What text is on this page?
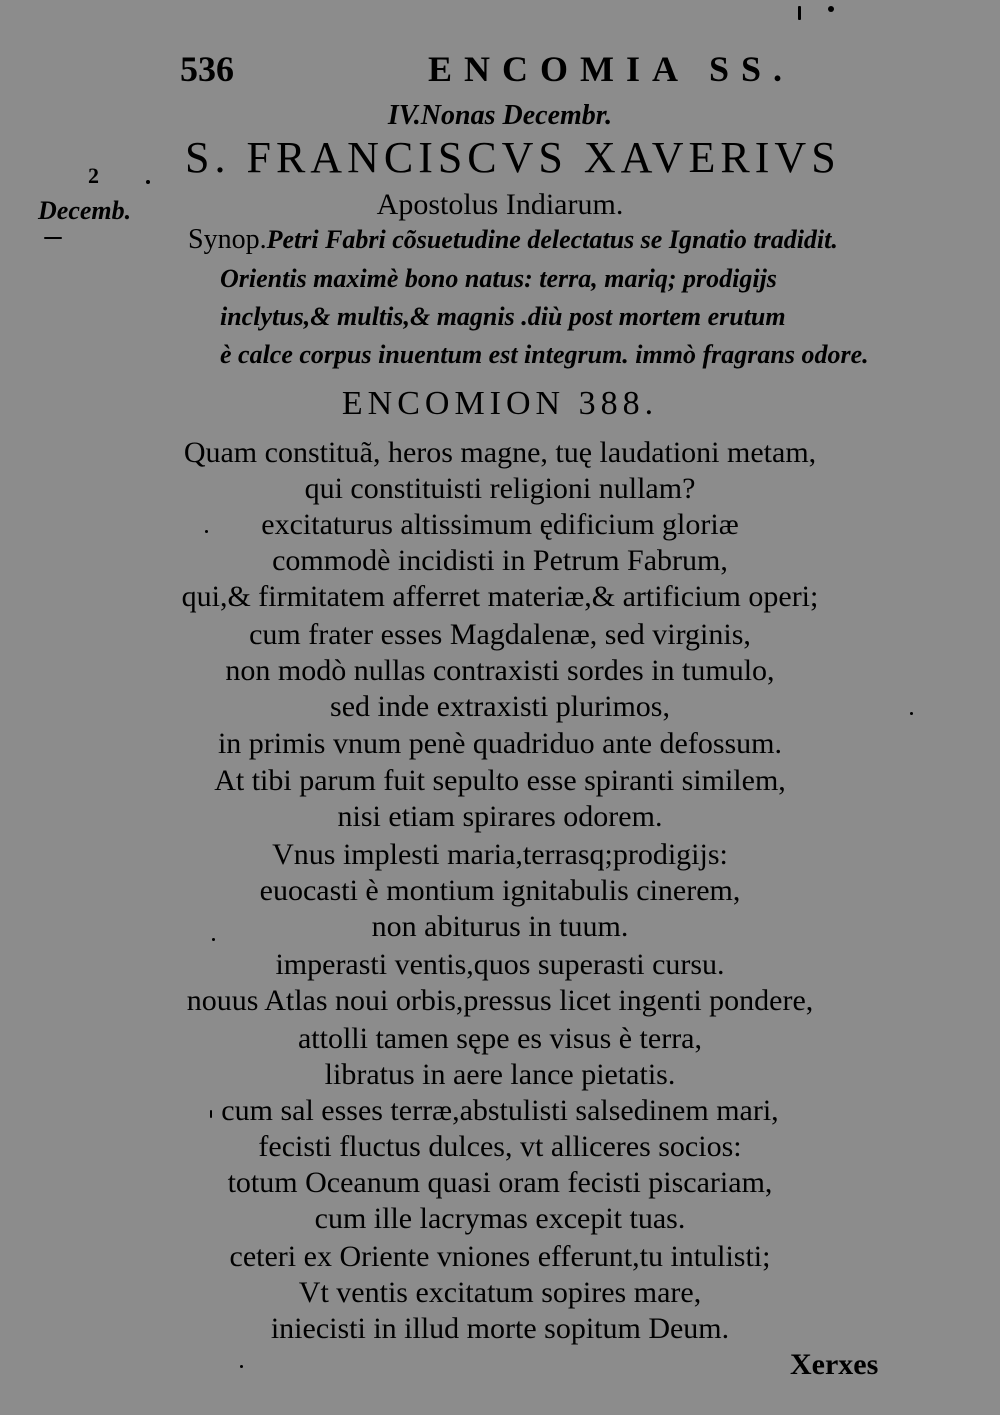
536	ENCOMIA SS.
IV.Nonas Decembr.
S. FRANCISCVS XAVERIVS
Apostolus Indiarum.
2
Decemb.
Synop.Petri Fabri cõsuetudine delectatus se Ignatio tradidit.
Orientis maximè bono natus: terra, mariq; prodigijs
inclytus,& multis,& magnis .diù post mortem erutum
è calce corpus inuentum est integrum. immò fragrans odore.
ENCOMION 388.
Quam constituã, heros magne, tuę laudationi metam,
qui constituisti religioni nullam?
excitaturus altissimum ędificium gloriæ
commodè incidisti in Petrum Fabrum,
qui,& firmitatem afferret materiæ,& artificium operi;
cum frater esses Magdalenæ, sed virginis,
non modò nullas contraxisti sordes in tumulo,
sed inde extraxisti plurimos,
in primis vnum penè quadriduo ante defossum.
At tibi parum fuit sepulto esse spiranti similem,
nisi etiam spirares odorem.
Vnus implesti maria,terrasq;prodigijs:
euocasti è montium ignitabulis cinerem,
non abiturus in tuum.
imperasti ventis,quos superasti cursu.
nouus Atlas noui orbis,pressus licet ingenti pondere,
attolli tamen sępe es visus è terra,
libratus in aere lance pietatis.
cum sal esses terræ,abstulisti salsedinem mari,
fecisti fluctus dulces, vt alliceres socios:
totum Oceanum quasi oram fecisti piscariam,
cum ille lacrymas excepit tuas.
ceteri ex Oriente vniones efferunt,tu intulisti;
Vt ventis excitatum sopires mare,
iniecisti in illud morte sopitum Deum.
Xerxes
